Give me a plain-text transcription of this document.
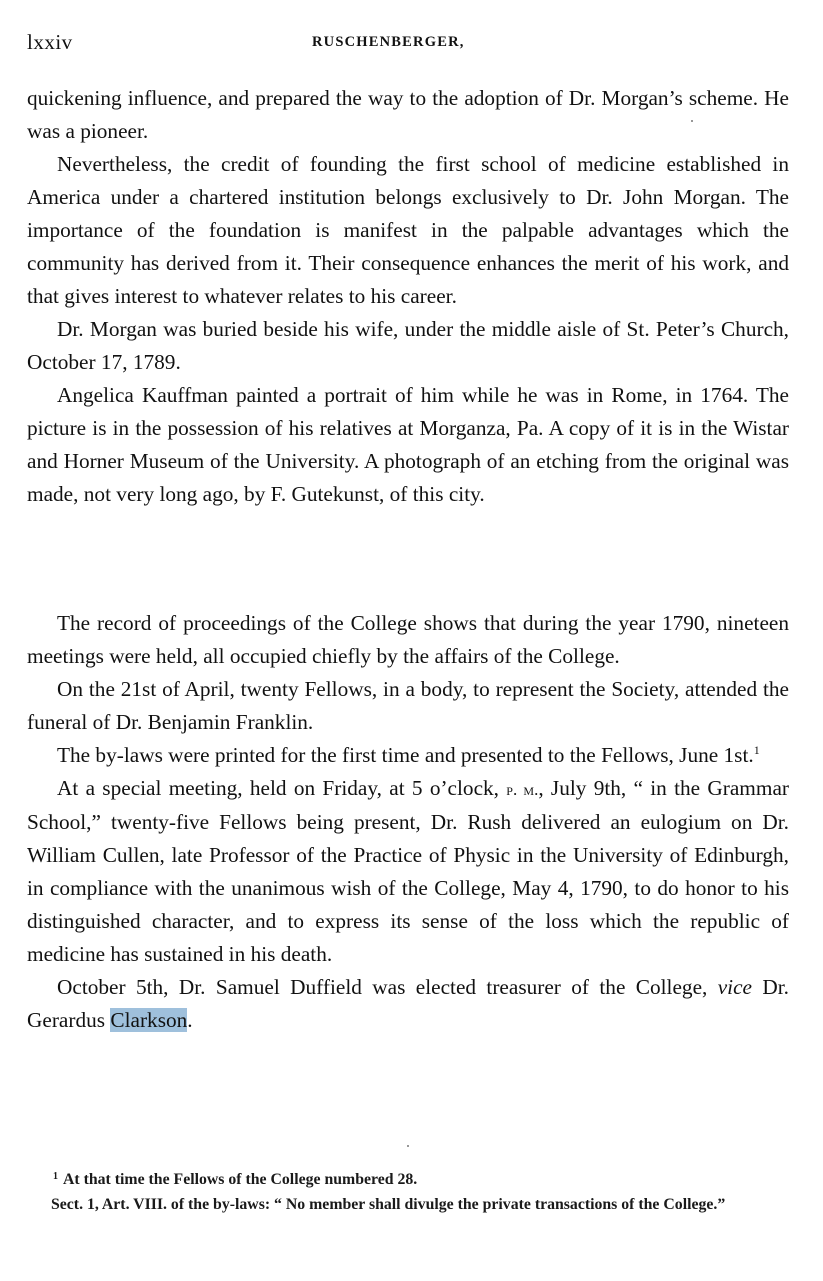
lxxiv	RUSCHENBERGER,

quickening influence, and prepared the way to the adoption of Dr. Morgan’s scheme. He was a pioneer.

Nevertheless, the credit of founding the first school of medicine established in America under a chartered institution belongs exclusively to Dr. John Morgan. The importance of the foundation is manifest in the palpable advantages which the community has derived from it. Their consequence enhances the merit of his work, and that gives interest to whatever relates to his career.

Dr. Morgan was buried beside his wife, under the middle aisle of St. Peter’s Church, October 17, 1789.

Angelica Kauffman painted a portrait of him while he was in Rome, in 1764. The picture is in the possession of his relatives at Morganza, Pa. A copy of it is in the Wistar and Horner Museum of the University. A photograph of an etching from the original was made, not very long ago, by F. Gutekunst, of this city.

The record of proceedings of the College shows that during the year 1790, nineteen meetings were held, all occupied chiefly by the affairs of the College.

On the 21st of April, twenty Fellows, in a body, to represent the Society, attended the funeral of Dr. Benjamin Franklin.

The by-laws were printed for the first time and presented to the Fellows, June 1st.$^1$

At a special meeting, held on Friday, at 5 o’clock, p. m., July 9th, “ in the Grammar School,” twenty-five Fellows being present, Dr. Rush delivered an eulogium on Dr. William Cullen, late Professor of the Practice of Physic in the University of Edinburgh, in compliance with the unanimous wish of the College, May 4, 1790, to do honor to his distinguished character, and to express its sense of the loss which the republic of medicine has sustained in his death.

October 5th, Dr. Samuel Duffield was elected treasurer of the College, vice Dr. Gerardus Clarkson.

$^1$ At that time the Fellows of the College numbered 28.

Sect. 1, Art. VIII. of the by-laws: “ No member shall divulge the private transactions of the College.”
